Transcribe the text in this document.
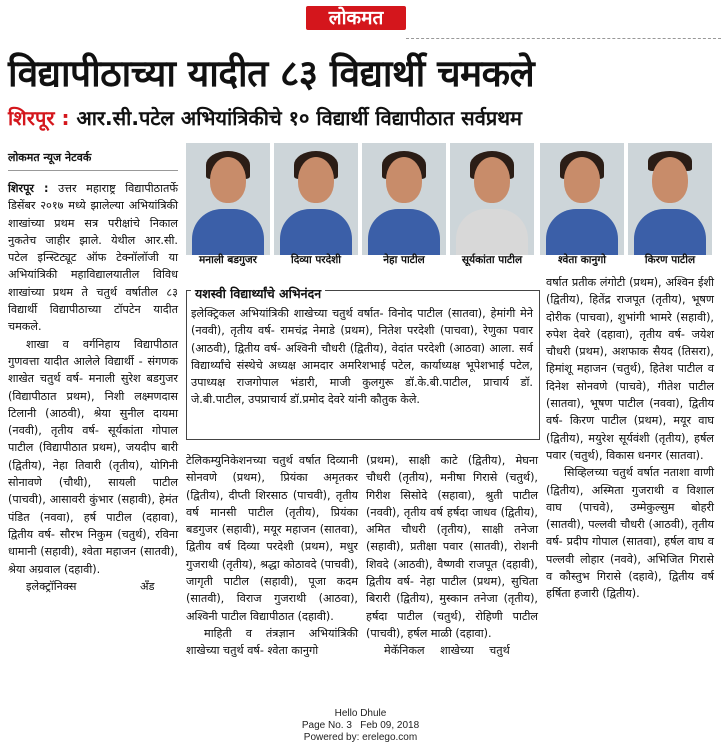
लोकमत
विद्यापीठाच्या यादीत ८३ विद्यार्थी चमकले
शिरपूर : आर.सी.पटेल अभियांत्रिकीचे १० विद्यार्थी विद्यापीठात सर्वप्रथम
लोकमत न्यूज नेटवर्क

शिरपूर : उत्तर महाराष्ट्र विद्यापीठातर्फे डिसेंबर २०१७ मध्ये झालेल्या अभियांत्रिकी शाखांच्या प्रथम सत्र परीक्षांचे निकाल नुकतेच जाहीर झाले. येथील आर.सी. पटेल इन्स्टिट्यूट ऑफ टेक्नॉलॉजी या अभियांत्रिकी महाविद्यालयातील विविध शाखांच्या प्रथम ते चतुर्थ वर्षातील ८३ विद्यार्थी विद्यापीठाच्या टॉपटेन यादीत चमकले.

शाखा व वर्गनिहाय विद्यापीठात गुणवत्ता यादीत आलेले विद्यार्थी - संगणक शाखेत चतुर्थ वर्ष- मनाली सुरेश बडगुजर (विद्यापीठात प्रथम), निशी लक्ष्मणदास टिलानी (आठवी), श्रेया सुनील दायमा (नववी), तृतीय वर्ष- सूर्यकांता गोपाल पाटील (विद्यापीठात प्रथम), जयदीप बारी (द्वितीय), नेहा तिवारी (तृतीय), योगिनी सोनावणे (चौथी), सायली पाटील (पाचवी), आसावरी कुंभार (सहावी), हेमंत पंडित (नववा), हर्ष पाटील (दहावा), द्वितीय वर्ष- सौरभ निकुम (चतुर्थ), रविना धामानी (सहावी), श्वेता महाजन (सातवी), श्रेया अग्रवाल (दहावी).

इलेक्ट्रॉनिक्स अँड

मनाली बडगुजर	दिव्या परदेशी	नेहा पाटील	सूर्यकांता पाटील	श्वेता कानुगो	किरण पाटील
यशस्वी विद्यार्थ्यांचे अभिनंदन
इलेक्ट्रिकल अभियांत्रिकी शाखेच्या चतुर्थ वर्षात- विनोद पाटील (सातवा), हेमांगी मेने (नववी), तृतीय वर्ष- रामचंद्र नेमाडे (प्रथम), नितेश परदेशी (पाचवा), रेणुका पवार (आठवी), द्वितीय वर्ष- अश्विनी चौधरी (द्वितीय), वेदांत परदेशी (आठवा) आला. सर्व विद्यार्थ्यांचे संस्थेचे अध्यक्ष आमदार अमरिशभाई पटेल, कार्याध्यक्ष भूपेशभाई पटेल, उपाध्यक्ष राजगोपाल भंडारी, माजी कुलगुरू डॉ.के.बी.पाटील, प्राचार्य डॉ. जे.बी.पाटील, उपप्राचार्य डॉ.प्रमोद देवरे यांनी कौतुक केले.

टेलिकम्युनिकेशनच्या चतुर्थ वर्षात दिव्यानी सोनवणे (प्रथम), प्रियंका अमृतकर (द्वितीय), दीप्ती शिरसाठ (पाचवी), तृतीय वर्ष मानसी पाटील (तृतीय), प्रियंका बडगुजर (सहावी), मयूर महाजन (सातवा), द्वितीय वर्ष दिव्या परदेशी (प्रथम), मधुर गुजराथी (तृतीय), श्रद्धा कोठावदे (पाचवी), जागृती पाटील (सहावी), पूजा कदम (सातवी), विराज गुजराथी (आठवा), अश्विनी पाटील विद्यापीठात (दहावी).

माहिती व तंत्रज्ञान अभियांत्रिकी शाखेच्या चतुर्थ वर्ष- श्वेता कानुगो

(प्रथम), साक्षी काटे (द्वितीय), मेघना चौधरी (तृतीय), मनीषा गिरासे (चतुर्थ), गिरीश सिसोदे (सहावा), श्रुती पाटील (नववी), तृतीय वर्ष हर्षदा जाधव (द्वितीय), अमित चौधरी (तृतीय), साक्षी तनेजा (सहावी), प्रतीक्षा पवार (सातवी), रोशनी शिवदे (आठवी), वैष्णवी राजपूत (दहावी), द्वितीय वर्ष- नेहा पाटील (प्रथम), सुचिता बिरारी (द्वितीय), मुस्कान तनेजा (तृतीय), हर्षदा पाटील (चतुर्थ), रोहिणी पाटील (पाचवी), हर्षल माळी (दहावा).

मेकॅनिकल शाखेच्या चतुर्थ

वर्षात प्रतीक लंगोटी (प्रथम), अश्विन ईशी (द्वितीय), हितेंद्र राजपूत (तृतीय), भूषण दोरीक (पाचवा), शुभांगी भामरे (सहावी), रुपेश देवरे (दहावा), तृतीय वर्ष- जयेश चौधरी (प्रथम), अशफाक सैयद (तिसरा), हिमांशू महाजन (चतुर्थ), हितेश पाटील व दिनेश सोनवणे (पाचवे), गीतेश पाटील (सातवा), भूषण पाटील (नववा), द्वितीय वर्ष- किरण पाटील (प्रथम), मयूर वाघ (द्वितीय), मयुरेश सूर्यवंशी (तृतीय), हर्षल पवार (चतुर्थ), विकास धनगर (सातवा).

सिव्हिलच्या चतुर्थ वर्षात नताशा वाणी (द्वितीय), अस्मिता गुजराथी व विशाल वाघ (पाचवे), उम्मेकुल्सुम बोहरी (सातवी), पल्लवी चौधरी (आठवी), तृतीय वर्ष- प्रदीप गोपाल (सातवा), हर्षल वाघ व पल्लवी लोहार (नववे), अभिजित गिरासे व कौस्तुभ गिरासे (दहावे), द्वितीय वर्ष हर्षिता हजारी (द्वितीय).

Hello Dhule
Page No. 3   Feb 09, 2018
Powered by: erelego.com
